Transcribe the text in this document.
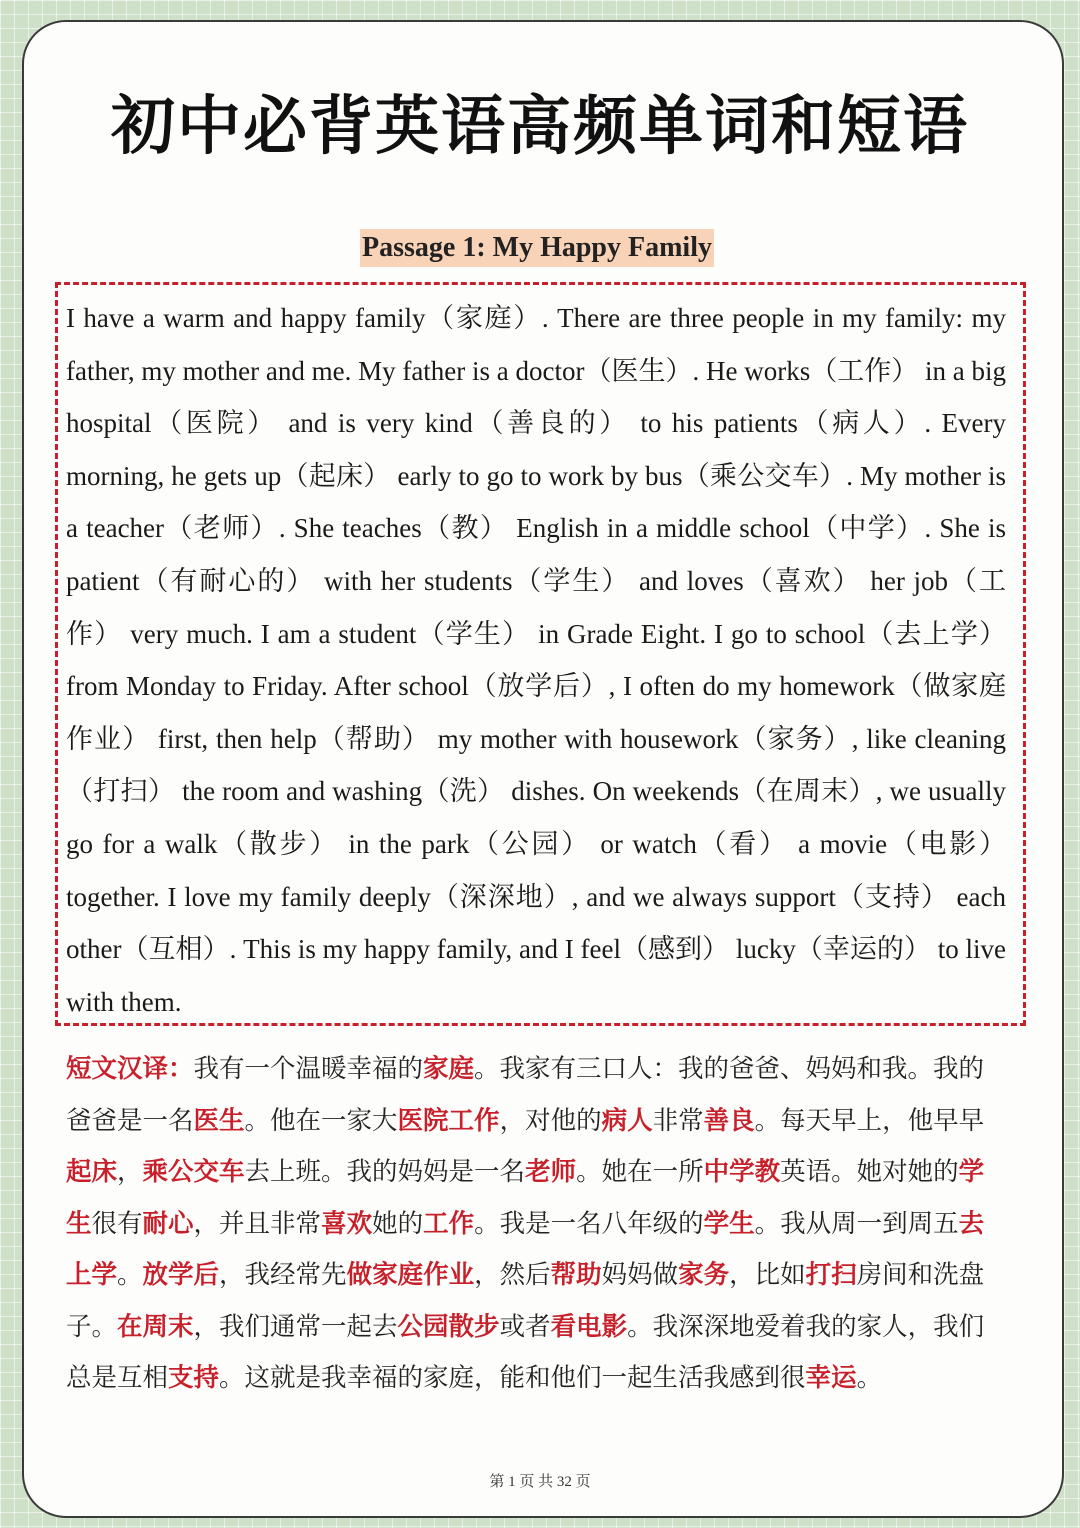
初中必背英语高频单词和短语
Passage 1: My Happy Family

I have a warm and happy family（家庭）. There are three people in my family: my father, my mother and me. My father is a doctor（医生）. He works（工作） in a big hospital（医院） and is very kind（善良的） to his patients（病人）. Every morning, he gets up（起床） early to go to work by bus（乘公交车）. My mother is a teacher（老师）. She teaches（教） English in a middle school（中学）. She is patient（有耐心的） with her students（学生） and loves（喜欢） her job（工作） very much. I am a student（学生） in Grade Eight. I go to school（去上学） from Monday to Friday. After school（放学后）, I often do my homework（做家庭作业） first, then help（帮助） my mother with housework（家务）, like cleaning（打扫） the room and washing（洗） dishes. On weekends（在周末）, we usually go for a walk（散步） in the park（公园） or watch（看） a movie（电影） together. I love my family deeply（深深地）, and we always support（支持） each other（互相）. This is my happy family, and I feel（感到） lucky（幸运的） to live with them.

短文汉译：我有一个温暖幸福的家庭。我家有三口人：我的爸爸、妈妈和我。我的爸爸是一名医生。他在一家大医院工作，对他的病人非常善良。每天早上，他早早起床，乘公交车去上班。我的妈妈是一名老师。她在一所中学教英语。她对她的学生很有耐心，并且非常喜欢她的工作。我是一名八年级的学生。我从周一到周五去上学。放学后，我经常先做家庭作业，然后帮助妈妈做家务，比如打扫房间和洗盘子。在周末，我们通常一起去公园散步或者看电影。我深深地爱着我的家人，我们总是互相支持。这就是我幸福的家庭，能和他们一起生活我感到很幸运。

第 1 页 共 32 页
